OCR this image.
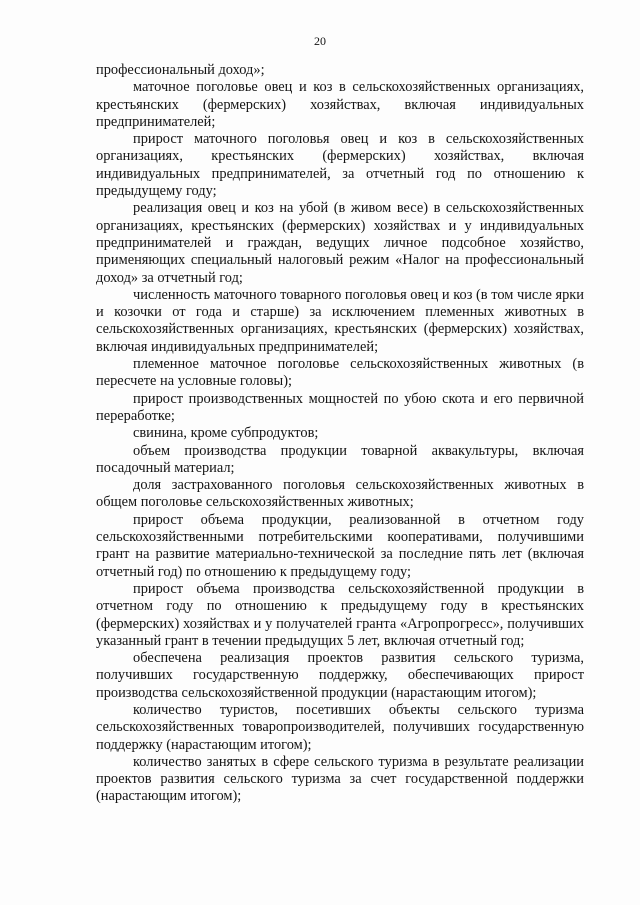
20

профессиональный доход»;

маточное поголовье овец и коз в сельскохозяйственных организациях, крестьянских (фермерских) хозяйствах, включая индивидуальных предпринимателей;

прирост маточного поголовья овец и коз в сельскохозяйственных организациях, крестьянских (фермерских) хозяйствах, включая индивидуальных предпринимателей, за отчетный год по отношению к предыдущему году;

реализация овец и коз на убой (в живом весе) в сельскохозяйственных организациях, крестьянских (фермерских) хозяйствах и у индивидуальных предпринимателей и граждан, ведущих личное подсобное хозяйство, применяющих специальный налоговый режим «Налог на профессиональный доход» за отчетный год;

численность маточного товарного поголовья овец и коз (в том числе ярки и козочки от года и старше) за исключением племенных животных в сельскохозяйственных организациях, крестьянских (фермерских) хозяйствах, включая индивидуальных предпринимателей;

племенное маточное поголовье сельскохозяйственных животных (в пересчете на условные головы);

прирост производственных мощностей по убою скота и его первичной переработке;

свинина, кроме субпродуктов;

объем производства продукции товарной аквакультуры, включая посадочный материал;

доля застрахованного поголовья сельскохозяйственных животных в общем поголовье сельскохозяйственных животных;

прирост объема продукции, реализованной в отчетном году сельскохозяйственными потребительскими кооперативами, получившими грант на развитие материально-технической за последние пять лет (включая отчетный год) по отношению к предыдущему году;

прирост объема производства сельскохозяйственной продукции в отчетном году по отношению к предыдущему году в крестьянских (фермерских) хозяйствах и у получателей гранта «Агропрогресс», получивших указанный грант в течении предыдущих 5 лет, включая отчетный год;

обеспечена реализация проектов развития сельского туризма, получивших государственную поддержку, обеспечивающих прирост производства сельскохозяйственной продукции (нарастающим итогом);

количество туристов, посетивших объекты сельского туризма сельскохозяйственных товаропроизводителей, получивших государственную поддержку (нарастающим итогом);

количество занятых в сфере сельского туризма в результате реализации проектов развития сельского туризма за счет государственной поддержки (нарастающим итогом);
